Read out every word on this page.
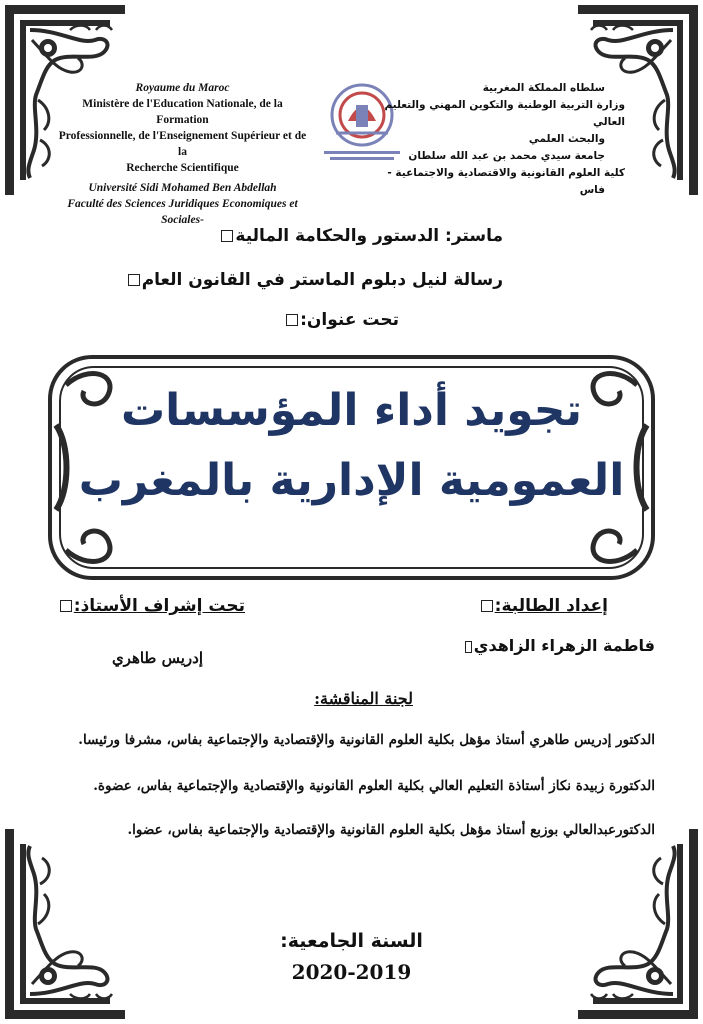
Royaume du Maroc
Ministère de l'Education Nationale, de la Formation
Professionnelle, de l'Enseignement Supérieur et de la
Recherche Scientifique
Université Sidi Mohamed Ben Abdellah
Faculté des Sciences Juridiques Economiques et Sociales-
سلطاه المملكة المغربية
وزارة التربية الوطنية والتكوين المهني والتعليم العالي
والبحث العلمي
جامعة سيدي محمد بن عبد الله سلطان
كلية العلوم القانونية والاقتصادية والاجتماعية -
فاس
ماستر: الدستور والحكامة المالية
رسالة لنيل دبلوم الماستر في القانون العام
تحت عنوان:
تجويد أداء المؤسسات
العمومية الإدارية بالمغرب
إعداد الطالبة:
فاطمة الزهراء الزاهدي
تحت إشراف الأستاذ:
إدريس طاهري
لجنة المناقشة:
الدكتور إدريس طاهري أستاذ مؤهل بكلية العلوم القانونية والإقتصادية والإجتماعية بفاس، مشرفا ورئيسا.
الدكتورة زبيدة نكاز أستاذة التعليم العالي بكلية العلوم القانونية والإقتصادية والإجتماعية بفاس، عضوة.
الدكتورعبدالعالي بوزبع أستاذ مؤهل بكلية العلوم القانونية والإقتصادية والإجتماعية بفاس، عضوا.
السنة الجامعية:
2020-2019
